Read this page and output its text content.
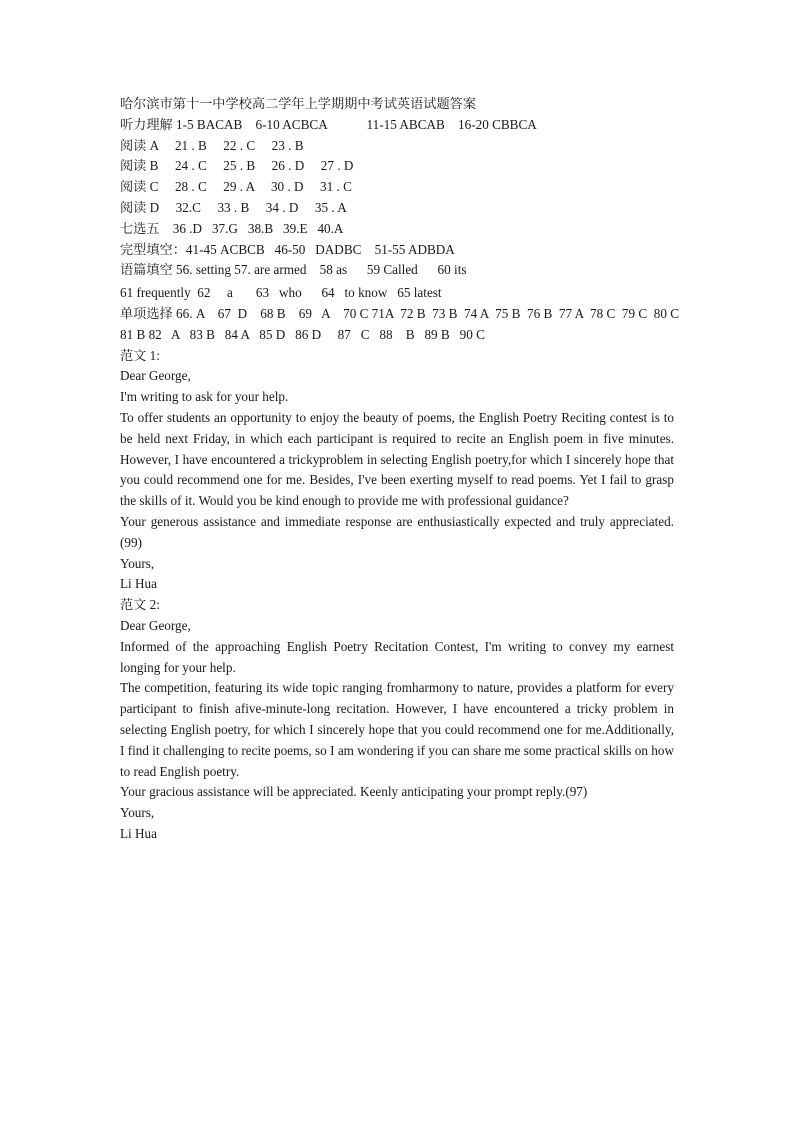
哈尔滨市第十一中学校高二学年上学期期中考试英语试题答案
听力理解 1-5 BACAB    6-10 ACBCA            11-15 ABCAB    16-20 CBBCA
阅读 A     21 . B     22 . C     23 . B
阅读 B     24 . C     25 . B     26 . D     27 . D
阅读 C     28 . C     29 . A     30 . D     31 . C
阅读 D     32.C     33 . B     34 . D     35 . A
七选五    36 .D   37.G   38.B   39.E   40.A
完型填空：41-45 ACBCB   46-50   DADBC    51-55 ADBDA
语篇填空 56. setting 57. are armed    58 as      59 Called      60 its
61 frequently  62     a       63   who      64   to know   65 latest
单项选择 66. A    67  D    68 B    69   A    70 C 71A  72 B  73 B  74 A  75 B  76 B  77 A  78 C  79 C  80 C
81 B 82   A   83 B   84 A   85 D   86 D     87   C   88    B   89 B   90 C
范文 1:
Dear George,
I'm writing to ask for your help.
To offer students an opportunity to enjoy the beauty of poems, the English Poetry Reciting contest is to be held next Friday, in which each participant is required to recite an English poem in five minutes. However, I have encountered a trickyproblem in selecting English poetry,for which I sincerely hope that you could recommend one for me. Besides, I've been exerting myself to read poems. Yet I fail to grasp the skills of it. Would you be kind enough to provide me with professional guidance?
Your generous assistance and immediate response are enthusiastically expected and truly appreciated.(99)
Yours,
Li Hua
范文 2:
Dear George,
Informed of the approaching English Poetry Recitation Contest, I'm writing to convey my earnest longing for your help.
The competition, featuring its wide topic ranging fromharmony to nature, provides a platform for every participant to finish afive-minute-long recitation. However, I have encountered a tricky problem in selecting English poetry, for which I sincerely hope that you could recommend one for me.Additionally, I find it challenging to recite poems, so I am wondering if you can share me some practical skills on how to read English poetry.
Your gracious assistance will be appreciated. Keenly anticipating your prompt reply.(97)
Yours,
Li Hua
